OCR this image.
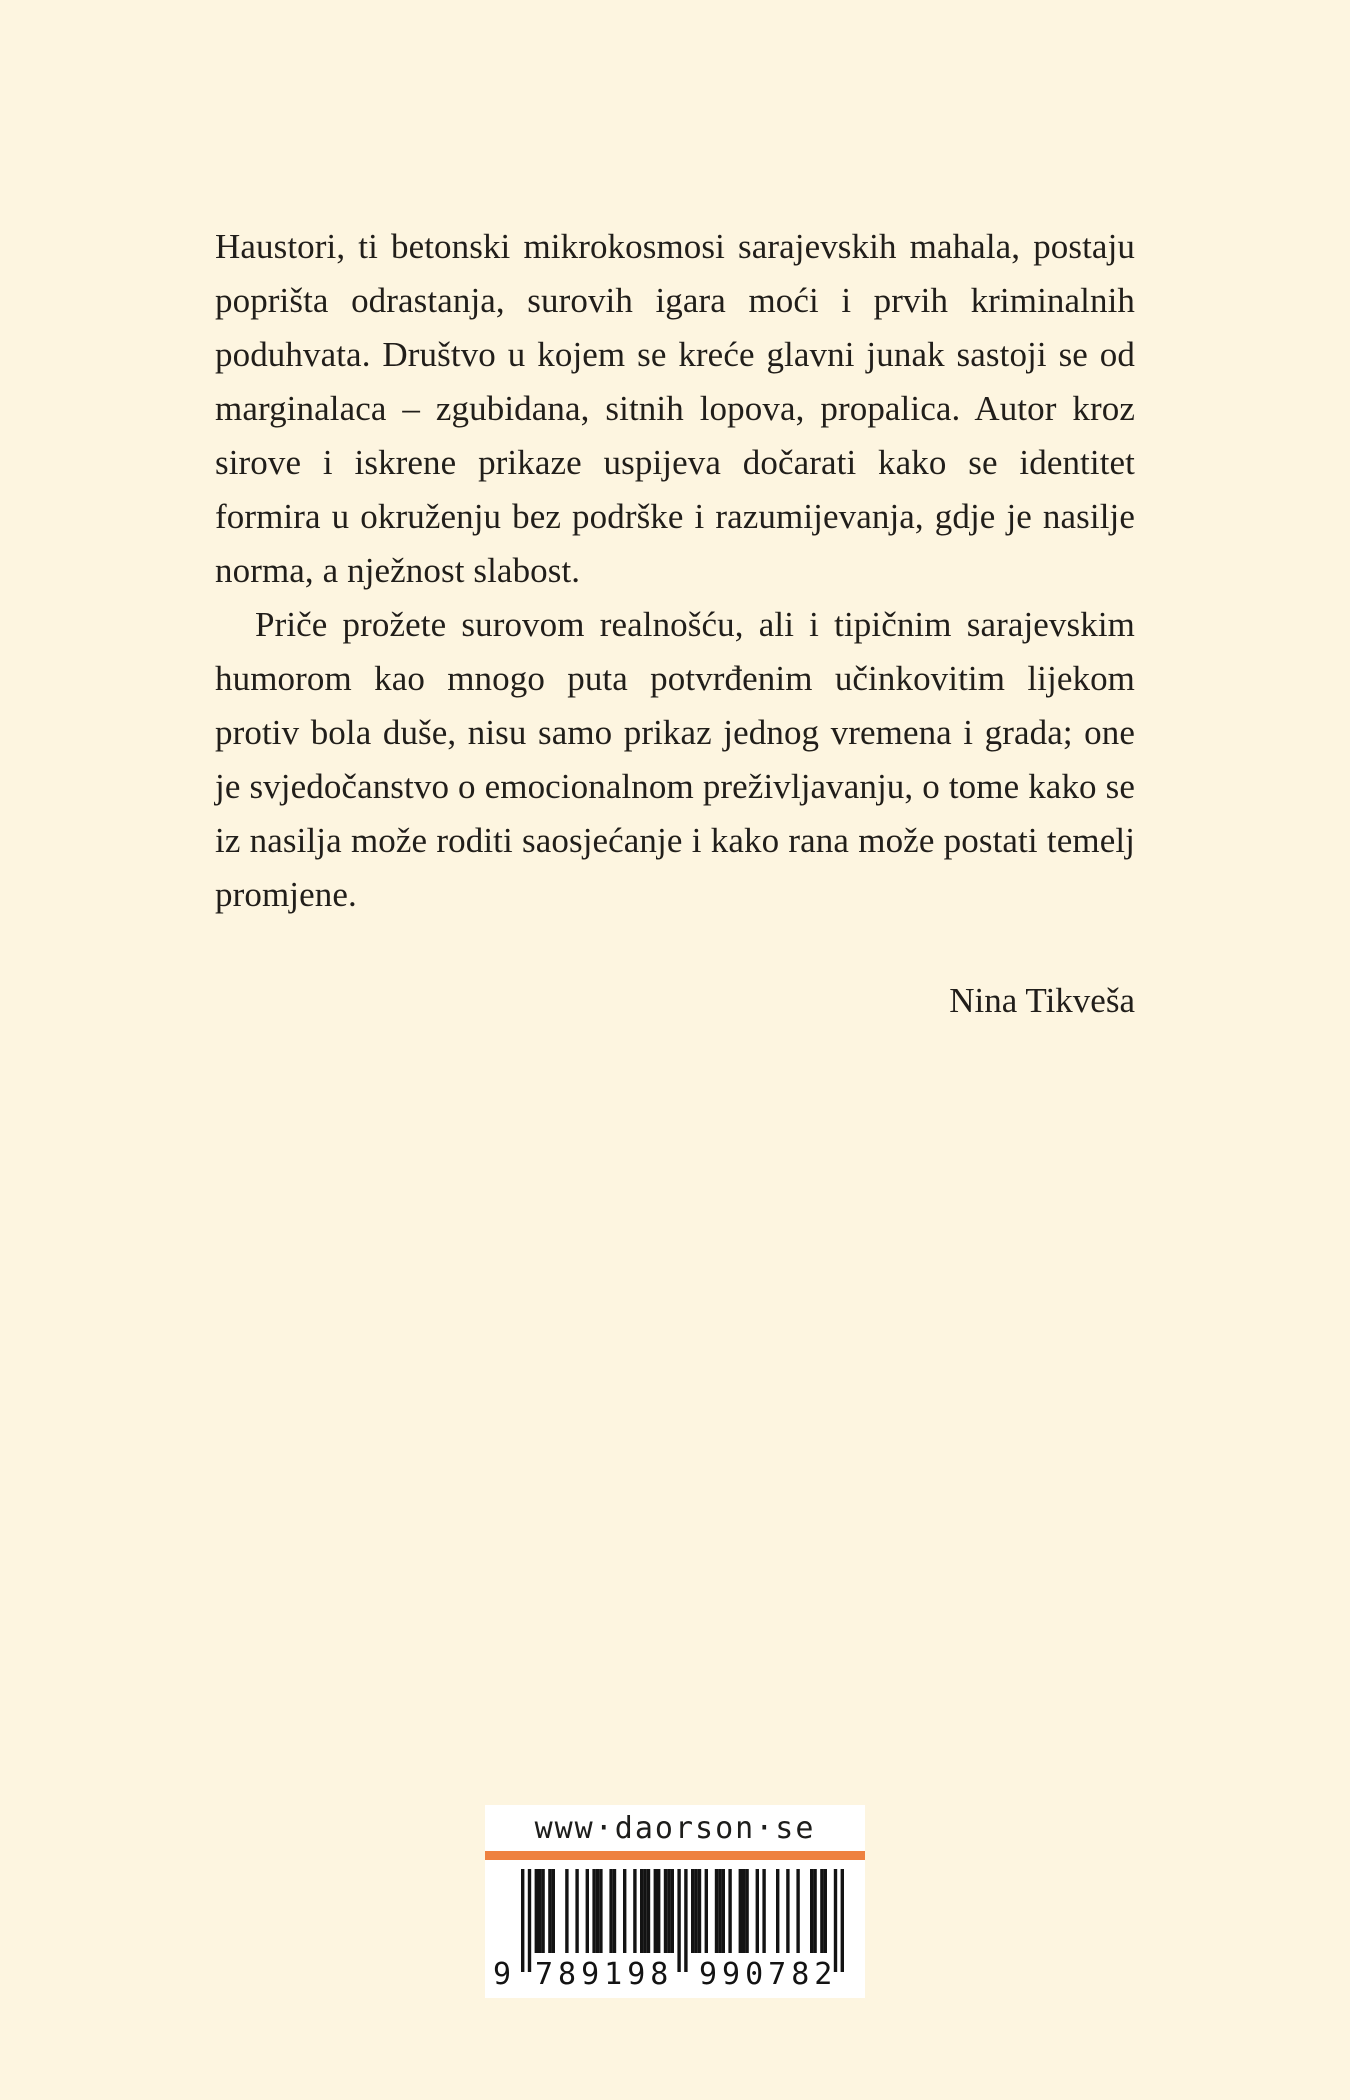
Haustori, ti betonski mikrokosmosi sarajevskih mahala, postaju poprišta odrastanja, surovih igara moći i prvih kriminalnih poduhvata. Društvo u kojem se kreće glavni junak sastoji se od marginalaca – zgubidana, sitnih lopova, propalica. Autor kroz sirove i iskrene prikaze uspijeva dočarati kako se identitet formira u okruženju bez podrške i razumijevanja, gdje je nasilje norma, a nježnost slabost.

Priče prožete surovom realnošću, ali i tipičnim sarajevskim humorom kao mnogo puta potvrđenim učinkovitim lijekom protiv bola duše, nisu samo prikaz jednog vremena i grada; one je svjedočanstvo o emocionalnom preživljavanju, o tome kako se iz nasilja može roditi saosjećanje i kako rana može postati temelj promjene.

Nina Tikveša
www·daorson·se
9 789198 990782
